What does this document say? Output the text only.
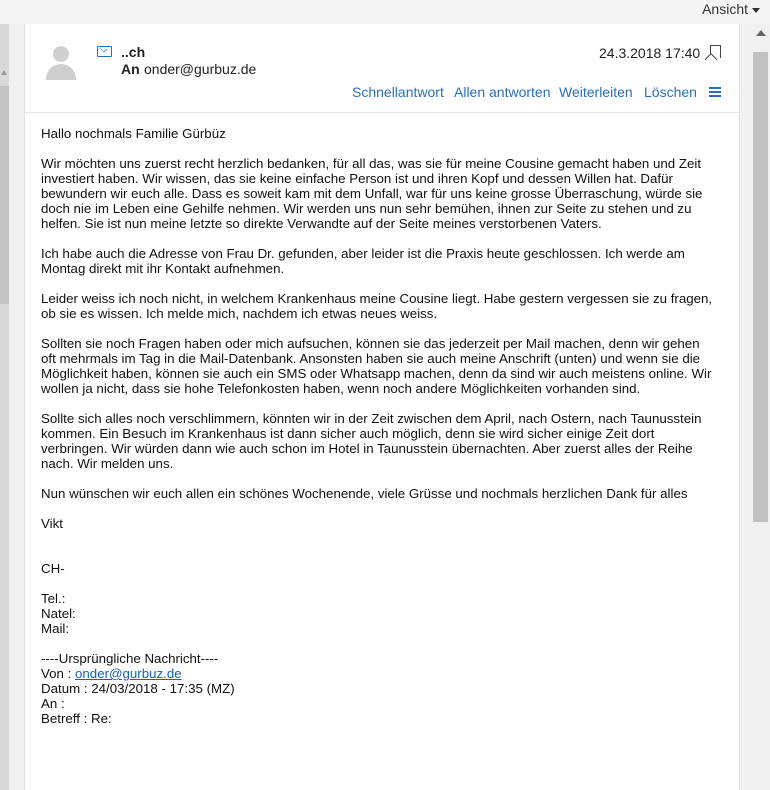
Ansicht
..ch
An onder@gurbuz.de
24.3.2018 17:40
Schnellantwort Allen antworten Weiterleiten Löschen

Hallo nochmals Familie Gürbüz

Wir möchten uns zuerst recht herzlich bedanken, für all das, was sie für meine Cousine gemacht haben und Zeit investiert haben. Wir wissen, das sie keine einfache Person ist und ihren Kopf und dessen Willen hat. Dafür bewundern wir euch alle. Dass es soweit kam mit dem Unfall, war für uns keine grosse Überraschung, würde sie doch nie im Leben eine Gehilfe nehmen. Wir werden uns nun sehr bemühen, ihnen zur Seite zu stehen und zu helfen. Sie ist nun meine letzte so direkte Verwandte auf der Seite meines verstorbenen Vaters.

Ich habe auch die Adresse von Frau Dr. gefunden, aber leider ist die Praxis heute geschlossen. Ich werde am Montag direkt mit ihr Kontakt aufnehmen.

Leider weiss ich noch nicht, in welchem Krankenhaus meine Cousine liegt. Habe gestern vergessen sie zu fragen, ob sie es wissen. Ich melde mich, nachdem ich etwas neues weiss.

Sollten sie noch Fragen haben oder mich aufsuchen, können sie das jederzeit per Mail machen, denn wir gehen oft mehrmals im Tag in die Mail-Datenbank. Ansonsten haben sie auch meine Anschrift (unten) und wenn sie die Möglichkeit haben, können sie auch ein SMS oder Whatsapp machen, denn da sind wir auch meistens online. Wir wollen ja nicht, dass sie hohe Telefonkosten haben, wenn noch andere Möglichkeiten vorhanden sind.

Sollte sich alles noch verschlimmern, könnten wir in der Zeit zwischen dem April, nach Ostern, nach Taunusstein kommen. Ein Besuch im Krankenhaus ist dann sicher auch möglich, denn sie wird sicher einige Zeit dort verbringen. Wir würden dann wie auch schon im Hotel in Taunusstein übernachten. Aber zuerst alles der Reihe nach. Wir melden uns.

Nun wünschen wir euch allen ein schönes Wochenende, viele Grüsse und nochmals herzlichen Dank für alles

Vikt
CH-
Tel.:
Natel:
Mail:
----Ursprüngliche Nachricht----
Von : onder@gurbuz.de
Datum : 24/03/2018 - 17:35 (MZ)
An :
Betreff : Re:
